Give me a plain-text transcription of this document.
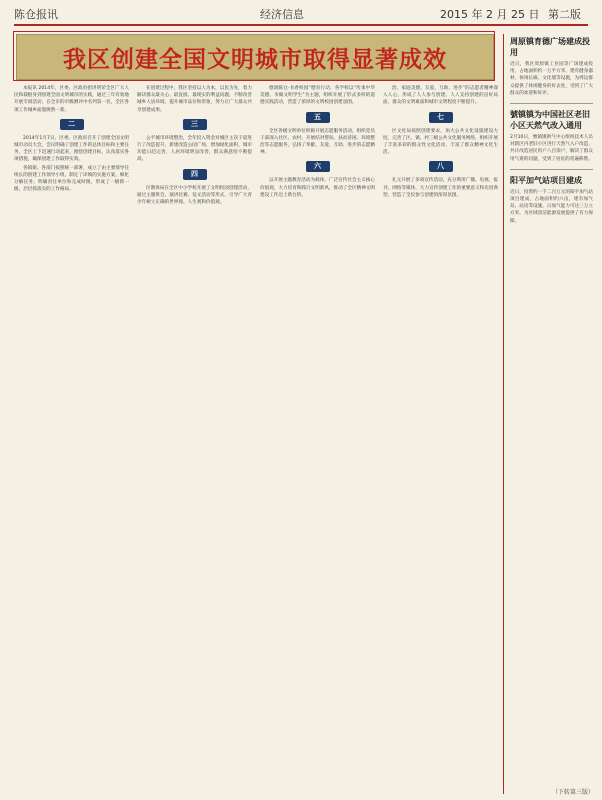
陈仓报讯	经济信息	2015 年 2 月 25 日 第二版
我区创建全国文明城市取得显著成效

本报讯 2014年，区委、区政府把讲明荣全区广大人民和栽植身到创建全国文明城市的实践，通过三年有效地开展专项活动，在全市的市级测评中名列第一名，全区各项工作城乡面貌焕然一新。

二

2014年1月7日，区委、区政府召开了创建全国文明城市动员大会，会议明确了创建工作的总体目标和主要任务，全区上下迅速行动起来，围绕创建目标，认真落实各项措施，确保创建工作取得实效。

各镇街、各部门按照统一部署，成立了由主要领导任组长的创建工作领导小组，制定了详细的实施方案，细化分解任务，明确责任单位和完成时限，形成了一级抓一级、层层抓落实的工作格局。

在创建过程中，我区坚持以人为本，以民为先，着力解决群众最关心、最直接、最现实的利益问题，不断改善城乡人居环境，提升城市品位和形象，努力让广大群众共享创建成果。

三

公平城市环境整治，全年投入资金对城区主次干道进行了改造提升，新建改造公园广场，增加绿化面积，城市功能日趋完善，人居环境明显改善，群众满意度不断提高。

四

区教体局在全区中小学校开展了文明校园创建活动，通过主题班会、演讲比赛、征文活动等形式，引导广大青少年树立正确的世界观、人生观和价值观。

德润陈仓·书香校园”德育行动，各学校以“传承中华美德、争做文明学生”为主题，组织开展了形式多样的道德实践活动，营造了浓厚的文明校园创建氛围。

五

全区各级文明单位积极开展志愿服务活动，组织党员干部深入社区、农村，开展结对帮扶、扶贫济困、环境整治等志愿服务，弘扬了奉献、友爱、互助、进步的志愿精神。

六

以开展主题教育活动为载体，广泛宣传社会主义核心价值观，大力培育和践行文明新风，推动了全区精神文明建设工作迈上新台阶。

治、家庭美德、友爱、互助、进步”的志愿者精神深入人心，形成了人人参与创建、人人支持创建的良好局面，群众的文明素质和城市文明程度不断提升。

七

区文化局按照创建要求，加大公共文化设施建设力度，完善了区、镇、村三级公共文化服务网络，组织开展了丰富多彩的群众性文化活动，丰富了群众精神文化生活。

八

孔元开展了多项宣传活动，充分利用广播、电视、报刊、网络等媒体，大力宣传创建工作的重要意义和先进典型，营造了全民参与创建的浓厚氛围。

周原镇育德广场建成投用
近日，我区周原镇工业园等广场建成投用，占地面积约一万平方米，建有健身器材、休闲长廊、文化墙等设施，为周边群众提供了休闲健身的好去处，受到了广大群众的欢迎和好评。
號镇镇为中国社区老旧小区天然气改入通用
2月10日，號镇镇供气中心组织技术人员对辖区内老旧小区进行天然气入户改造，共计改造居民用户八百余户，解决了群众用气难的问题，受到了居民的普遍称赞。
阳平加气站项目建成
近日，投资约一千二百万元的阳平加气站项目建成，占地面积约六亩，建有加气岛、站房等设施，日加气能力可达三万立方米，为区域清洁能源发展提供了有力保障。
（下转第三版）
